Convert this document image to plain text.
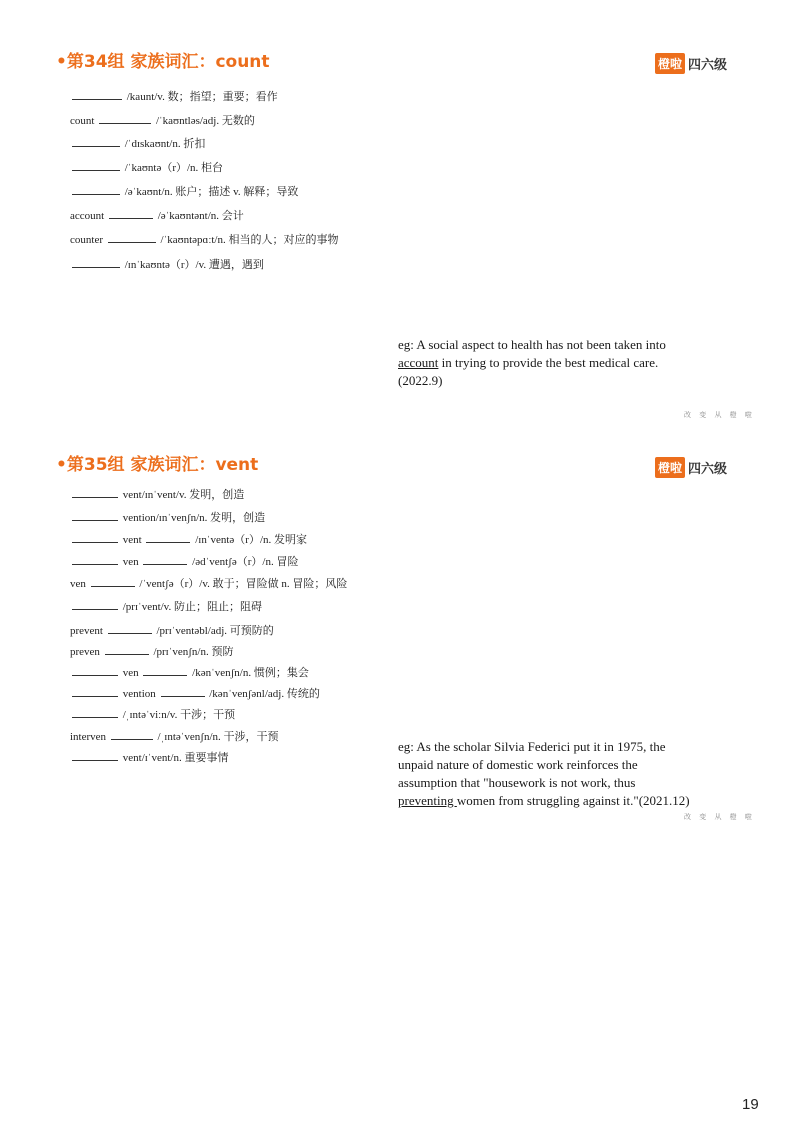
•第34组 家族词汇：count	橙啦 四六级
/kaunt/v. 数；指望；重要；看作
count	/ˈkaʊntləs/adj. 无数的
/ˈdɪskaʊnt/n. 折扣
/ˈkaʊntə（r）/n. 柜台
/əˈkaʊnt/n. 账户；描述 v. 解释；导致
account	/əˈkaʊntənt/n. 会计
counter	/ˈkaʊntəpɑːt/n. 相当的人；对应的事物
/ɪnˈkaʊntə（r）/v. 遭遇，遇到
eg: A social aspect to health has not been taken into
account in trying to provide the best medical care.
(2022.9)
改 变 从 橙 啦
•第35组 家族词汇：vent	橙啦 四六级
vent/ɪnˈvent/v. 发明，创造
vention/ɪnˈvenʃn/n. 发明，创造
vent	/ɪnˈventə（r）/n. 发明家
ven	/ədˈventʃə（r）/n. 冒险
ven	/ˈventʃə（r）/v. 敢于；冒险做 n. 冒险；风险
/prɪˈvent/v. 防止；阻止；阻碍
prevent	/prɪˈventəbl/adj. 可预防的
preven	/prɪˈvenʃn/n. 预防
ven	/kənˈvenʃn/n. 惯例；集会
vention	/kənˈvenʃənl/adj. 传统的
/ˌɪntəˈviːn/v. 干涉；干预
interven	/ˌɪntəˈvenʃn/n. 干涉，干预
vent/ɪˈvent/n. 重要事情
eg: As the scholar Silvia Federici put it in 1975, the
unpaid nature of domestic work reinforces the
assumption that "housework is not work, thus
preventing women from struggling against it."(2021.12)
改 变 从 橙 啦
19
